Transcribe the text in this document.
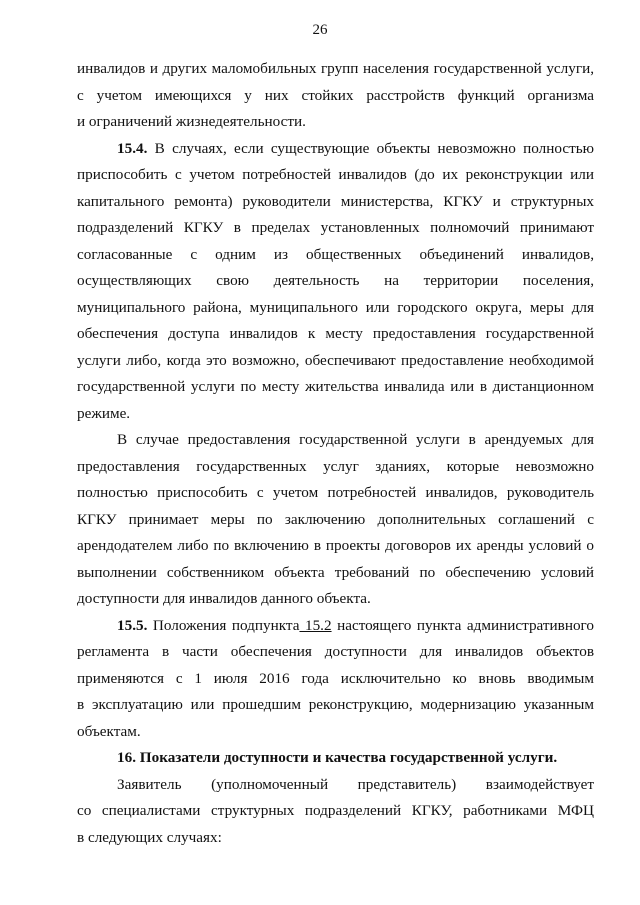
26
инвалидов и других маломобильных групп населения государственной услуги,
с учетом имеющихся у них стойких расстройств функций организма
и ограничений жизнедеятельности.
15.4. В случаях, если существующие объекты невозможно полностью
приспособить с учетом потребностей инвалидов (до их реконструкции или
капитального ремонта) руководители министерства, КГКУ и структурных
подразделений КГКУ в пределах установленных полномочий принимают
согласованные с одним из общественных объединений инвалидов,
осуществляющих свою деятельность на территории поселения,
муниципального района, муниципального или городского округа, меры для
обеспечения доступа инвалидов к месту предоставления государственной
услуги либо, когда это возможно, обеспечивают предоставление необходимой
государственной услуги по месту жительства инвалида или в дистанционном
режиме.
В случае предоставления государственной услуги в арендуемых для
предоставления государственных услуг зданиях, которые невозможно
полностью приспособить с учетом потребностей инвалидов, руководитель
КГКУ принимает меры по заключению дополнительных соглашений с
арендодателем либо по включению в проекты договоров их аренды условий о
выполнении собственником объекта требований по обеспечению условий
доступности для инвалидов данного объекта.
15.5. Положения подпункта 15.2 настоящего пункта административного
регламента в части обеспечения доступности для инвалидов объектов
применяются с 1 июля 2016 года исключительно ко вновь вводимым
в эксплуатацию или прошедшим реконструкцию, модернизацию указанным
объектам.
16. Показатели доступности и качества государственной услуги.
Заявитель (уполномоченный представитель) взаимодействует
со специалистами структурных подразделений КГКУ, работниками МФЦ
в следующих случаях:
